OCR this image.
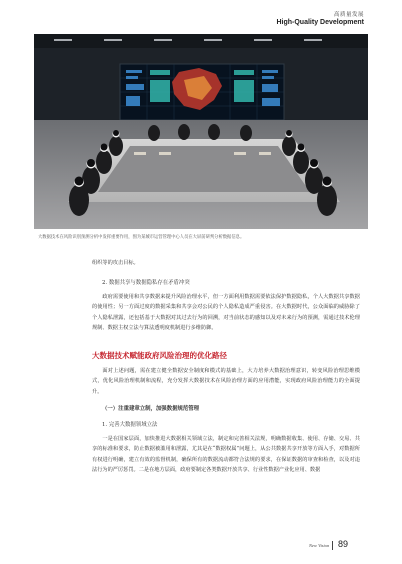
高质量发展
High-Quality Development
大数据技术在风险识别预测分析中发挥重要作用，图为某城市运营管理中心人员在大屏前研判分析数据信息。
组织等的攻击目标。
2. 数据共享与数据隐私存在矛盾冲突
政府需要使用和共享数据来提升风险治理水平，但一方面利用数据需要依法保护数据隐私，个人大数据共享数据的使用性；另一方面过度的数据采集和共享会对公民的个人隐私造成严重侵害。在大数据时代，公众面临的威胁除了个人隐私泄露，还包括基于大数据对其过去行为的回溯，对当前状态的感知以及对未来行为的预测，需通过技术伦理规制、数据主权立法与算法透明度机制进行多维防御。
大数据技术赋能政府风险治理的优化路径
面对上述问题，需在建立健全数据安全制度和模式的基础上，大力培养大数据治理意识，转变风险治理思维模式，优化风险治理机制和流程，充分发挥大数据技术在风险治理方面的应用潜能，实现政府风险治理能力的全面提升。
（一）注重建章立制，加强数据规范管理
1. 完善大数据领域立法
一是在国家层面，加快推进大数据相关领域立法，制定和完善相关法规，明确数据收集、使用、存储、交易、共享的标准和要求，防止数据被滥用和泄露，尤其是在“数据权属”问题上，从公共数据共享开放等方面入手，对数据所有权进行明确，建立有效的监督机制，确保所有的数据流动都符合法规的要求，在保证数据的审查和检查，以及对违法行为的严厉惩罚。二是在地方层面，政府要制定各类数据开放共享、行业性数据产业化应用、数据
New Vision 89
